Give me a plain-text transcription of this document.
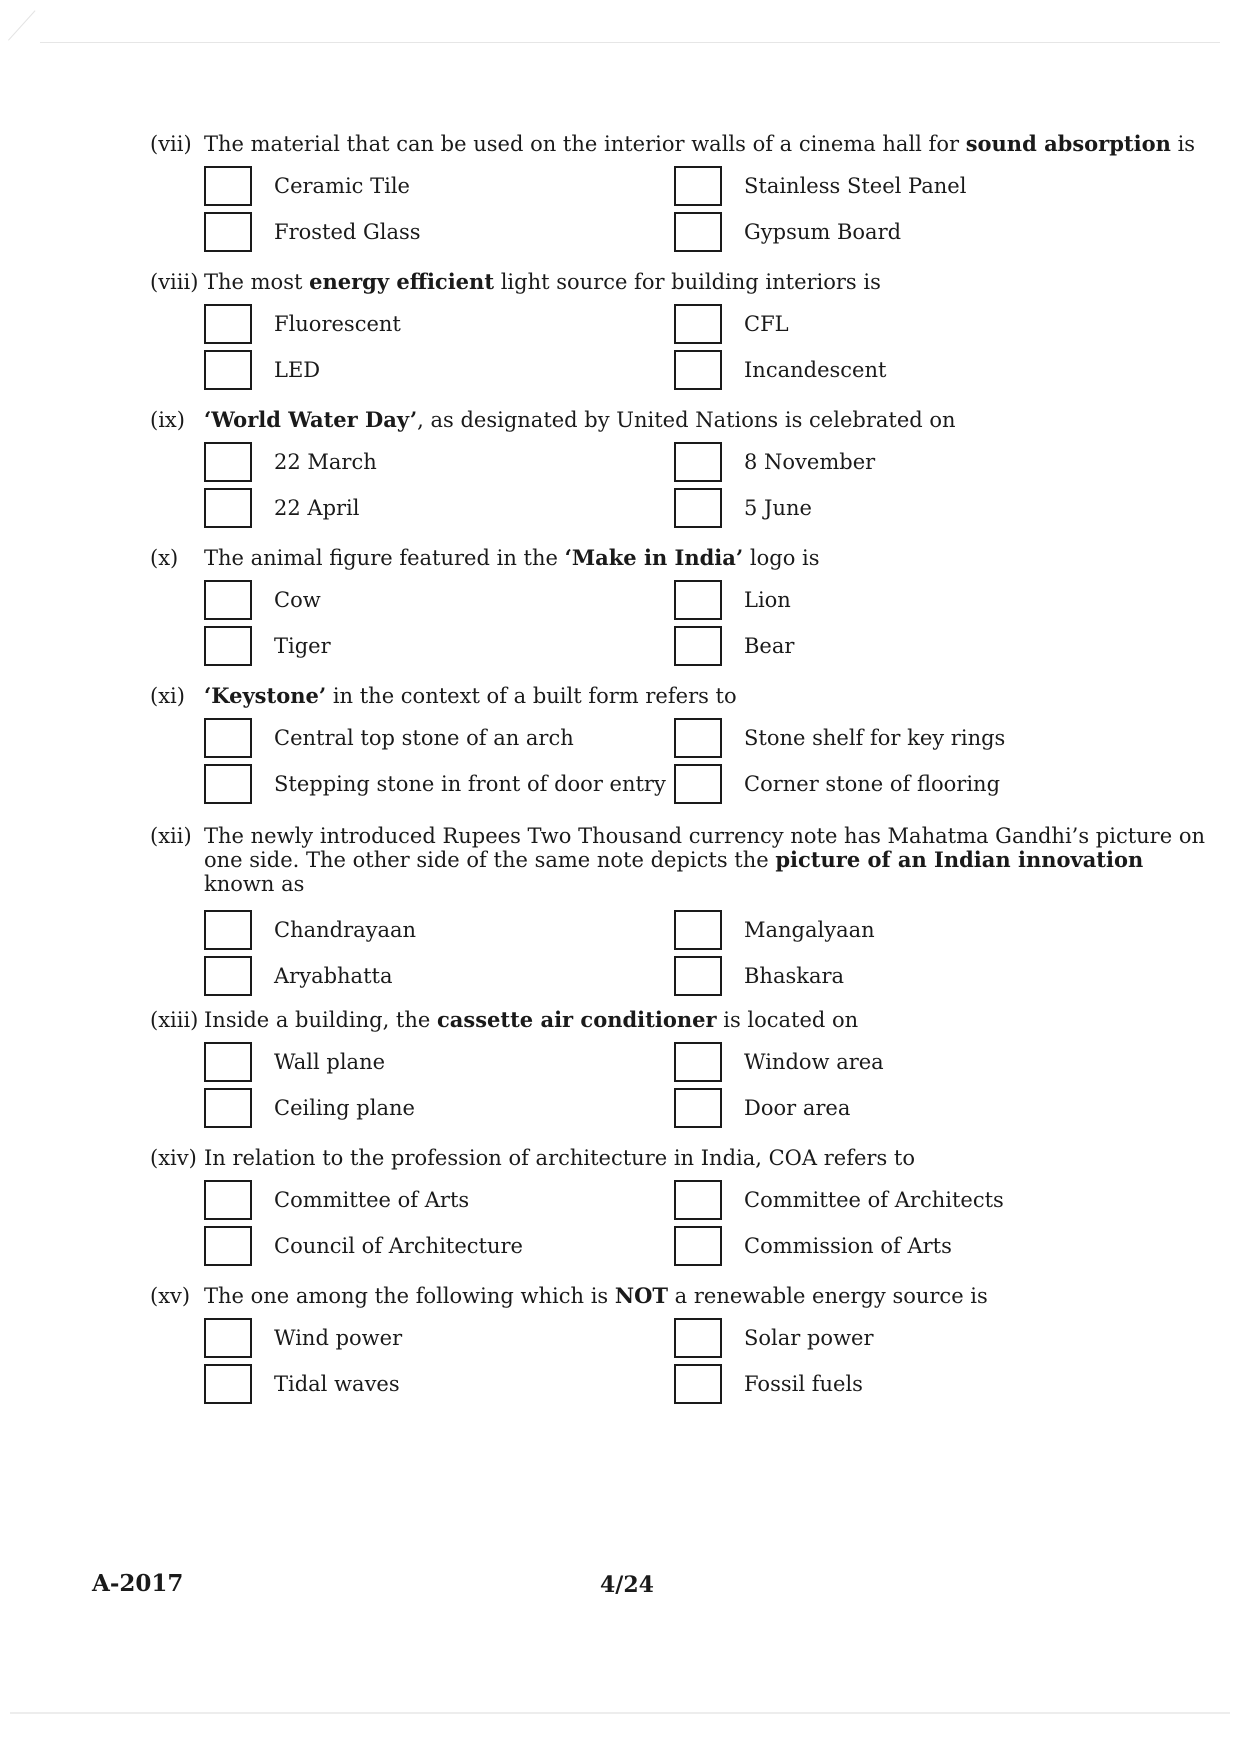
(vii) The material that can be used on the interior walls of a cinema hall for sound absorption is
Ceramic Tile	Stainless Steel Panel
Frosted Glass	Gypsum Board
(viii) The most energy efficient light source for building interiors is
Fluorescent	CFL
LED	Incandescent
(ix) ‘World Water Day’, as designated by United Nations is celebrated on
22 March	8 November
22 April	5 June
(x)	The animal figure featured in the ‘Make in India’ logo is
Cow	Lion
Tiger	Bear
(xi) ‘Keystone’ in the context of a built form refers to
Central top stone of an arch	Stone shelf for key rings
Stepping stone in front of door entry	Corner stone of flooring
(xii) The newly introduced Rupees Two Thousand currency note has Mahatma Gandhi’s picture on one side. The other side of the same note depicts the picture of an Indian innovation known as
Chandrayaan	Mangalyaan
Aryabhatta	Bhaskara
(xiii) Inside a building, the cassette air conditioner is located on
Wall plane	Window area
Ceiling plane	Door area
(xiv) In relation to the profession of architecture in India, COA refers to
Committee of Arts	Committee of Architects
Council of Architecture	Commission of Arts
(xv) The one among the following which is NOT a renewable energy source is
Wind power	Solar power
Tidal waves	Fossil fuels
A-2017	4/24
